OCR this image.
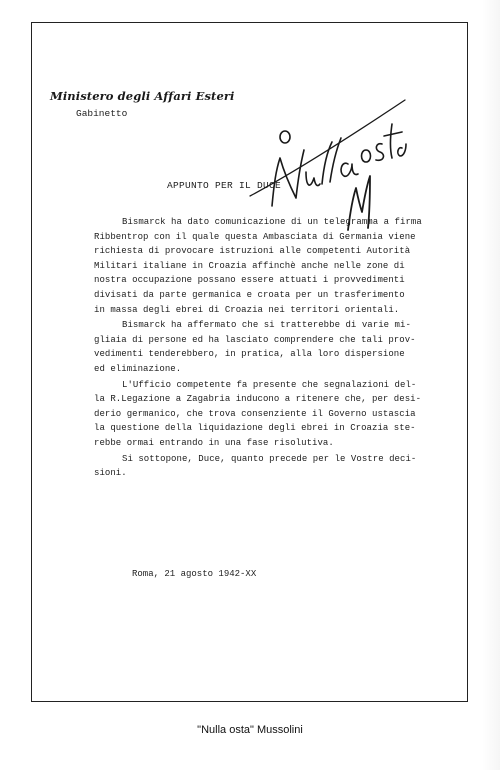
Ministero degli Affari Esteri
Gabinetto
APPUNTO PER IL DUCE

Bismarck ha dato comunicazione di un telegramma a firma
Ribbentrop con il quale questa Ambasciata di Germania viene
richiesta di provocare istruzioni alle competenti Autorità
Militari italiane in Croazia affinchè anche nelle zone di
nostra occupazione possano essere attuati i provvedimenti
divisati da parte germanica e croata per un trasferimento
in massa degli ebrei di Croazia nei territori orientali.

Bismarck ha affermato che si tratterebbe di varie mi-
gliaia di persone ed ha lasciato comprendere che tali prov-
vedimenti tenderebbero, in pratica, alla loro dispersione
ed eliminazione.

L'Ufficio competente fa presente che segnalazioni del-
la R.Legazione a Zagabria inducono a ritenere che, per desi-
derio germanico, che trova consenziente il Governo ustascia
la questione della liquidazione degli ebrei in Croazia ste-
rebbe ormai entrando in una fase risolutiva.

Si sottopone, Duce, quanto precede per le Vostre deci-
sioni.

Roma, 21 agosto 1942-XX
"Nulla osta" Mussolini
